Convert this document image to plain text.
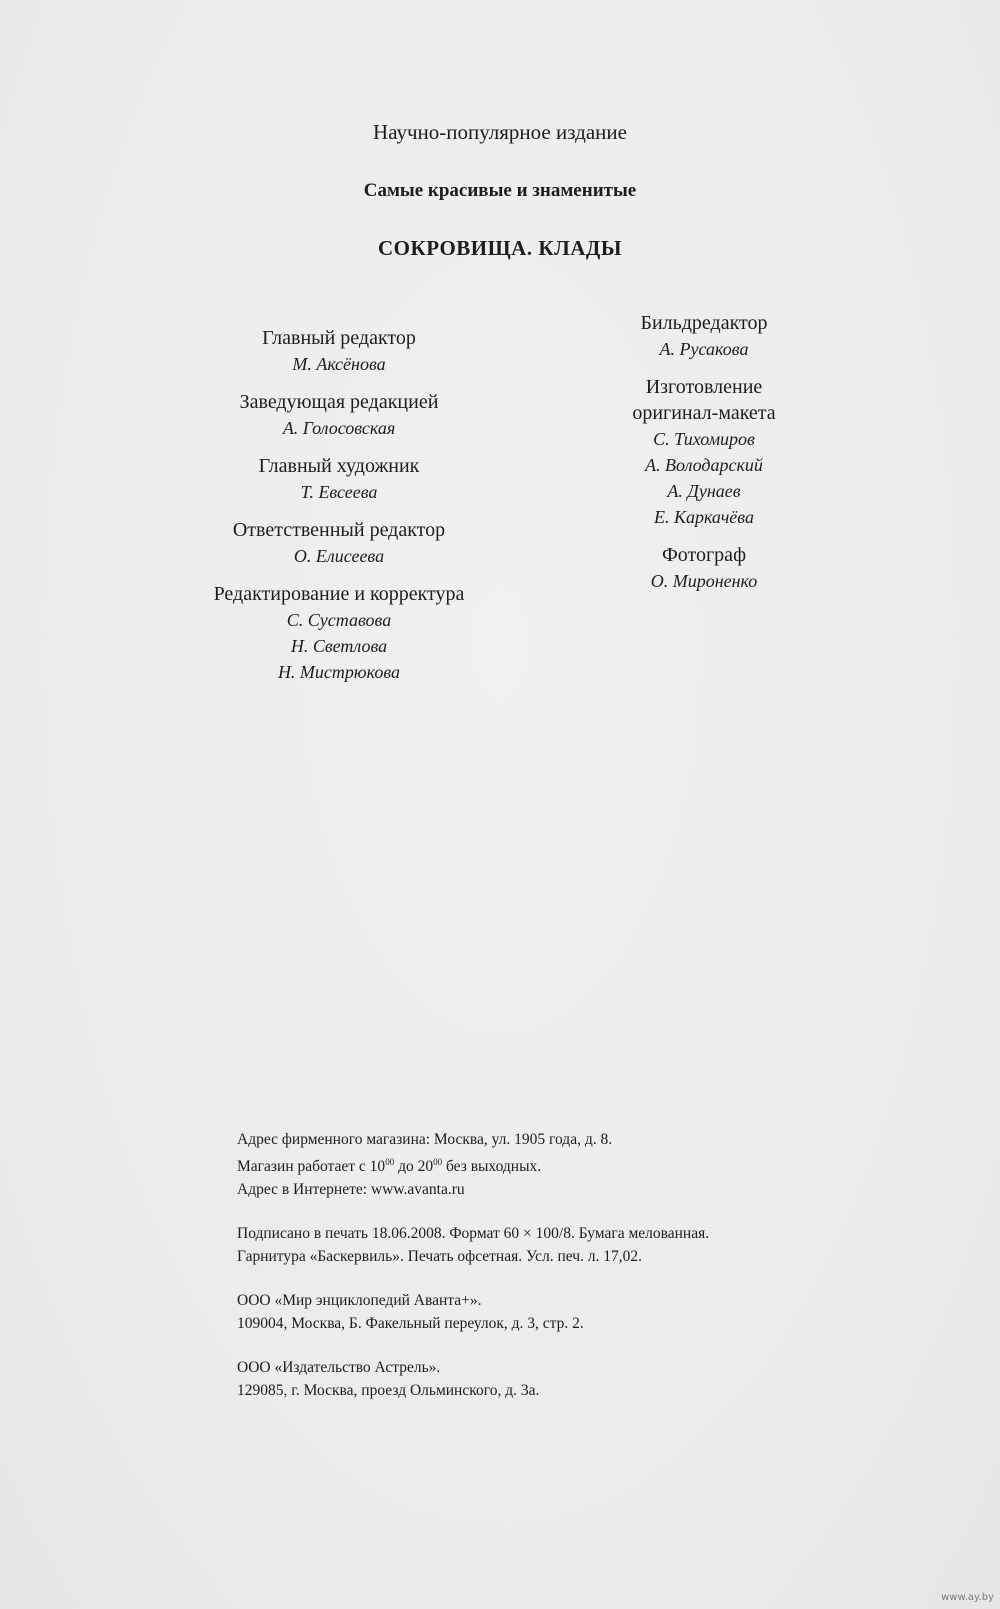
Научно-популярное издание
Самые красивые и знаменитые
СОКРОВИЩА. КЛАДЫ
Главный редактор
М. Аксёнова
Заведующая редакцией
А. Голосовская
Главный художник
Т. Евсеева
Ответственный редактор
О. Елисеева
Редактирование и корректура
С. Суставова
Н. Светлова
Н. Мистрюкова
Бильдредактор
А. Русакова
Изготовление оригинал-макета
С. Тихомиров
А. Володарский
А. Дунаев
Е. Каркачёва
Фотограф
О. Мироненко
Адрес фирменного магазина: Москва, ул. 1905 года, д. 8.
Магазин работает с $10^{00}$ до $20^{00}$ без выходных.
Адрес в Интернете: www.avanta.ru
Подписано в печать 18.06.2008. Формат 60 × 100/8. Бумага мелованная.
Гарнитура «Баскервиль». Печать офсетная. Усл. печ. л. 17,02.
ООО «Мир энциклопедий Аванта+».
109004, Москва, Б. Факельный переулок, д. 3, стр. 2.
ООО «Издательство Астрель».
129085, г. Москва, проезд Ольминского, д. 3а.
www.ay.by
